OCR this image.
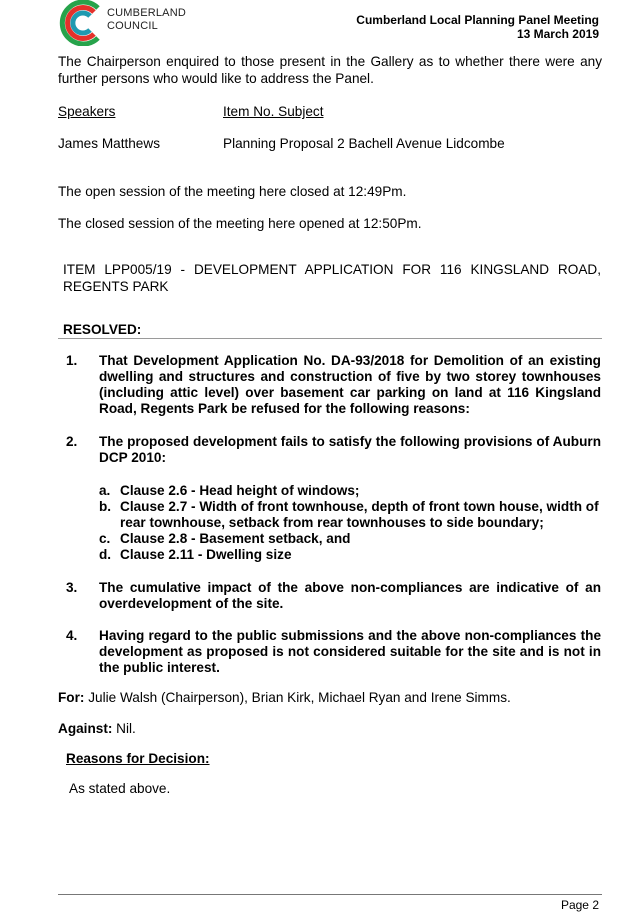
CUMBERLAND
COUNCIL	Cumberland Local Planning Panel Meeting
13 March 2019
The Chairperson enquired to those present in the Gallery as to whether there were any further persons who would like to address the Panel.
Speakers	Item No. Subject
James Matthews	Planning Proposal 2 Bachell Avenue Lidcombe
The open session of the meeting here closed at 12:49Pm.
The closed session of the meeting here opened at 12:50Pm.
ITEM LPP005/19 - DEVELOPMENT APPLICATION FOR 116 KINGSLAND ROAD, REGENTS PARK
RESOLVED:
1. That Development Application No. DA-93/2018 for Demolition of an existing dwelling and structures and construction of five by two storey townhouses (including attic level) over basement car parking on land at 116 Kingsland Road, Regents Park be refused for the following reasons:
2. The proposed development fails to satisfy the following provisions of Auburn DCP 2010:
a. Clause 2.6 - Head height of windows;
b. Clause 2.7 - Width of front townhouse, depth of front town house, width of rear townhouse, setback from rear townhouses to side boundary;
c. Clause 2.8 - Basement setback, and
d. Clause 2.11 - Dwelling size
3. The cumulative impact of the above non-compliances are indicative of an overdevelopment of the site.
4. Having regard to the public submissions and the above non-compliances the development as proposed is not considered suitable for the site and is not in the public interest.
For: Julie Walsh (Chairperson), Brian Kirk, Michael Ryan and Irene Simms.
Against: Nil.
Reasons for Decision:
As stated above.
Page 2
